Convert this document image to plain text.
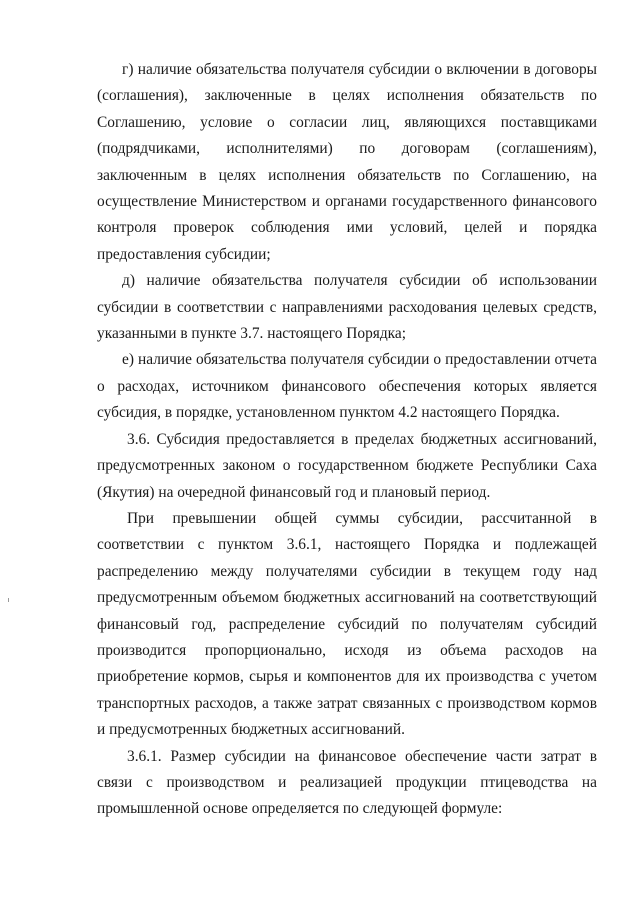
г) наличие обязательства получателя субсидии о включении в договоры (соглашения), заключенные в целях исполнения обязательств по Соглашению, условие о согласии лиц, являющихся поставщиками (подрядчиками, исполнителями) по договорам (соглашениям), заключенным в целях исполнения обязательств по Соглашению, на осуществление Министерством и органами государственного финансового контроля проверок соблюдения ими условий, целей и порядка предоставления субсидии;

д) наличие обязательства получателя субсидии об использовании субсидии в соответствии с направлениями расходования целевых средств, указанными в пункте 3.7. настоящего Порядка;

е) наличие обязательства получателя субсидии о предоставлении отчета о расходах, источником финансового обеспечения которых является субсидия, в порядке, установленном пунктом 4.2 настоящего Порядка.

3.6. Субсидия предоставляется в пределах бюджетных ассигнований, предусмотренных законом о государственном бюджете Республики Саха (Якутия) на очередной финансовый год и плановый период.

При превышении общей суммы субсидии, рассчитанной в соответствии с пунктом 3.6.1, настоящего Порядка и подлежащей распределению между получателями субсидии в текущем году над предусмотренным объемом бюджетных ассигнований на соответствующий финансовый год, распределение субсидий по получателям субсидий производится пропорционально, исходя из объема расходов на приобретение кормов, сырья и компонентов для их производства с учетом транспортных расходов, а также затрат связанных с производством кормов и предусмотренных бюджетных ассигнований.

3.6.1. Размер субсидии на финансовое обеспечение части затрат в связи с производством и реализацией продукции птицеводства на промышленной основе определяется по следующей формуле:
